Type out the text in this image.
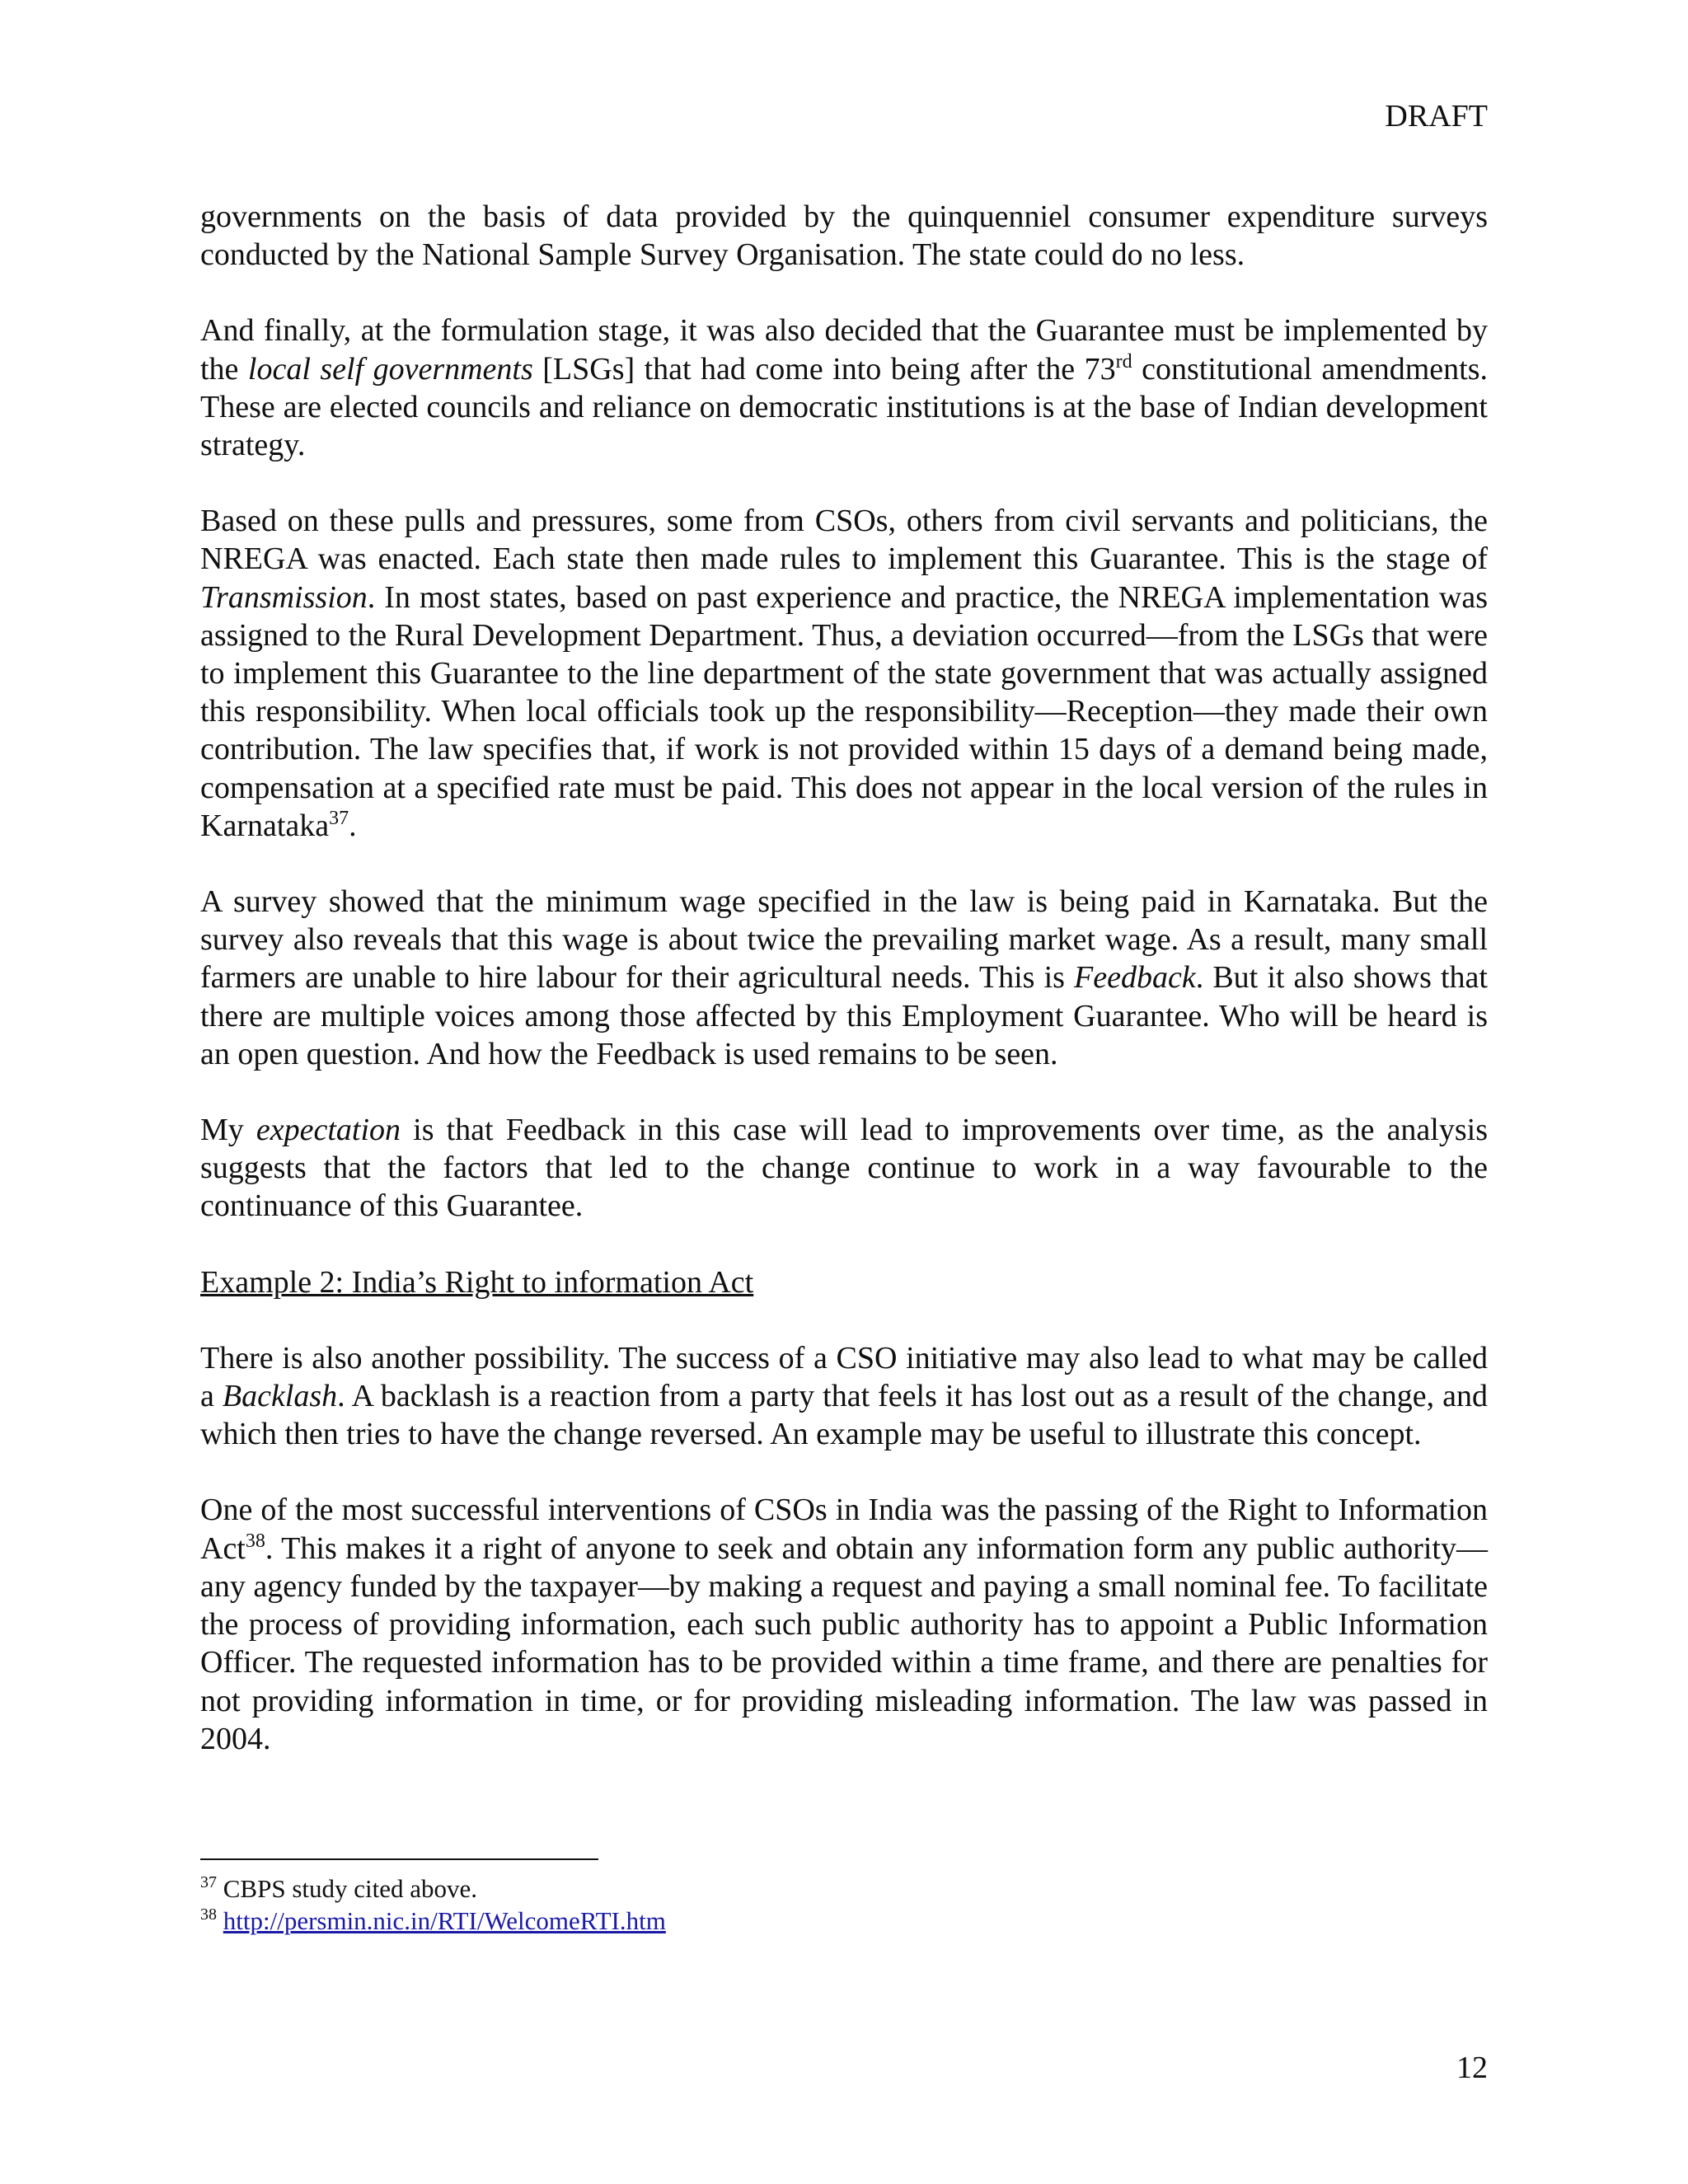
DRAFT

governments on the basis of data provided by the quinquenniel consumer expenditure surveys conducted by the National Sample Survey Organisation. The state could do no less.

And finally, at the formulation stage, it was also decided that the Guarantee must be implemented by the local self governments [LSGs] that had come into being after the 73rd constitutional amendments. These are elected councils and reliance on democratic institutions is at the base of Indian development strategy.

Based on these pulls and pressures, some from CSOs, others from civil servants and politicians, the NREGA was enacted. Each state then made rules to implement this Guarantee. This is the stage of Transmission. In most states, based on past experience and practice, the NREGA implementation was assigned to the Rural Development Department. Thus, a deviation occurred—from the LSGs that were to implement this Guarantee to the line department of the state government that was actually assigned this responsibility. When local officials took up the responsibility—Reception—they made their own contribution. The law specifies that, if work is not provided within 15 days of a demand being made, compensation at a specified rate must be paid. This does not appear in the local version of the rules in Karnataka$^{37}$.

A survey showed that the minimum wage specified in the law is being paid in Karnataka. But the survey also reveals that this wage is about twice the prevailing market wage. As a result, many small farmers are unable to hire labour for their agricultural needs. This is Feedback. But it also shows that there are multiple voices among those affected by this Employment Guarantee. Who will be heard is an open question. And how the Feedback is used remains to be seen.

My expectation is that Feedback in this case will lead to improvements over time, as the analysis suggests that the factors that led to the change continue to work in a way favourable to the continuance of this Guarantee.

Example 2: India’s Right to information Act

There is also another possibility. The success of a CSO initiative may also lead to what may be called a Backlash. A backlash is a reaction from a party that feels it has lost out as a result of the change, and which then tries to have the change reversed. An example may be useful to illustrate this concept.

One of the most successful interventions of CSOs in India was the passing of the Right to Information Act$^{38}$. This makes it a right of anyone to seek and obtain any information form any public authority—any agency funded by the taxpayer—by making a request and paying a small nominal fee. To facilitate the process of providing information, each such public authority has to appoint a Public Information Officer. The requested information has to be provided within a time frame, and there are penalties for not providing information in time, or for providing misleading information. The law was passed in 2004.

$^{37}$ CBPS study cited above.

$^{38}$ http://persmin.nic.in/RTI/WelcomeRTI.htm

12
